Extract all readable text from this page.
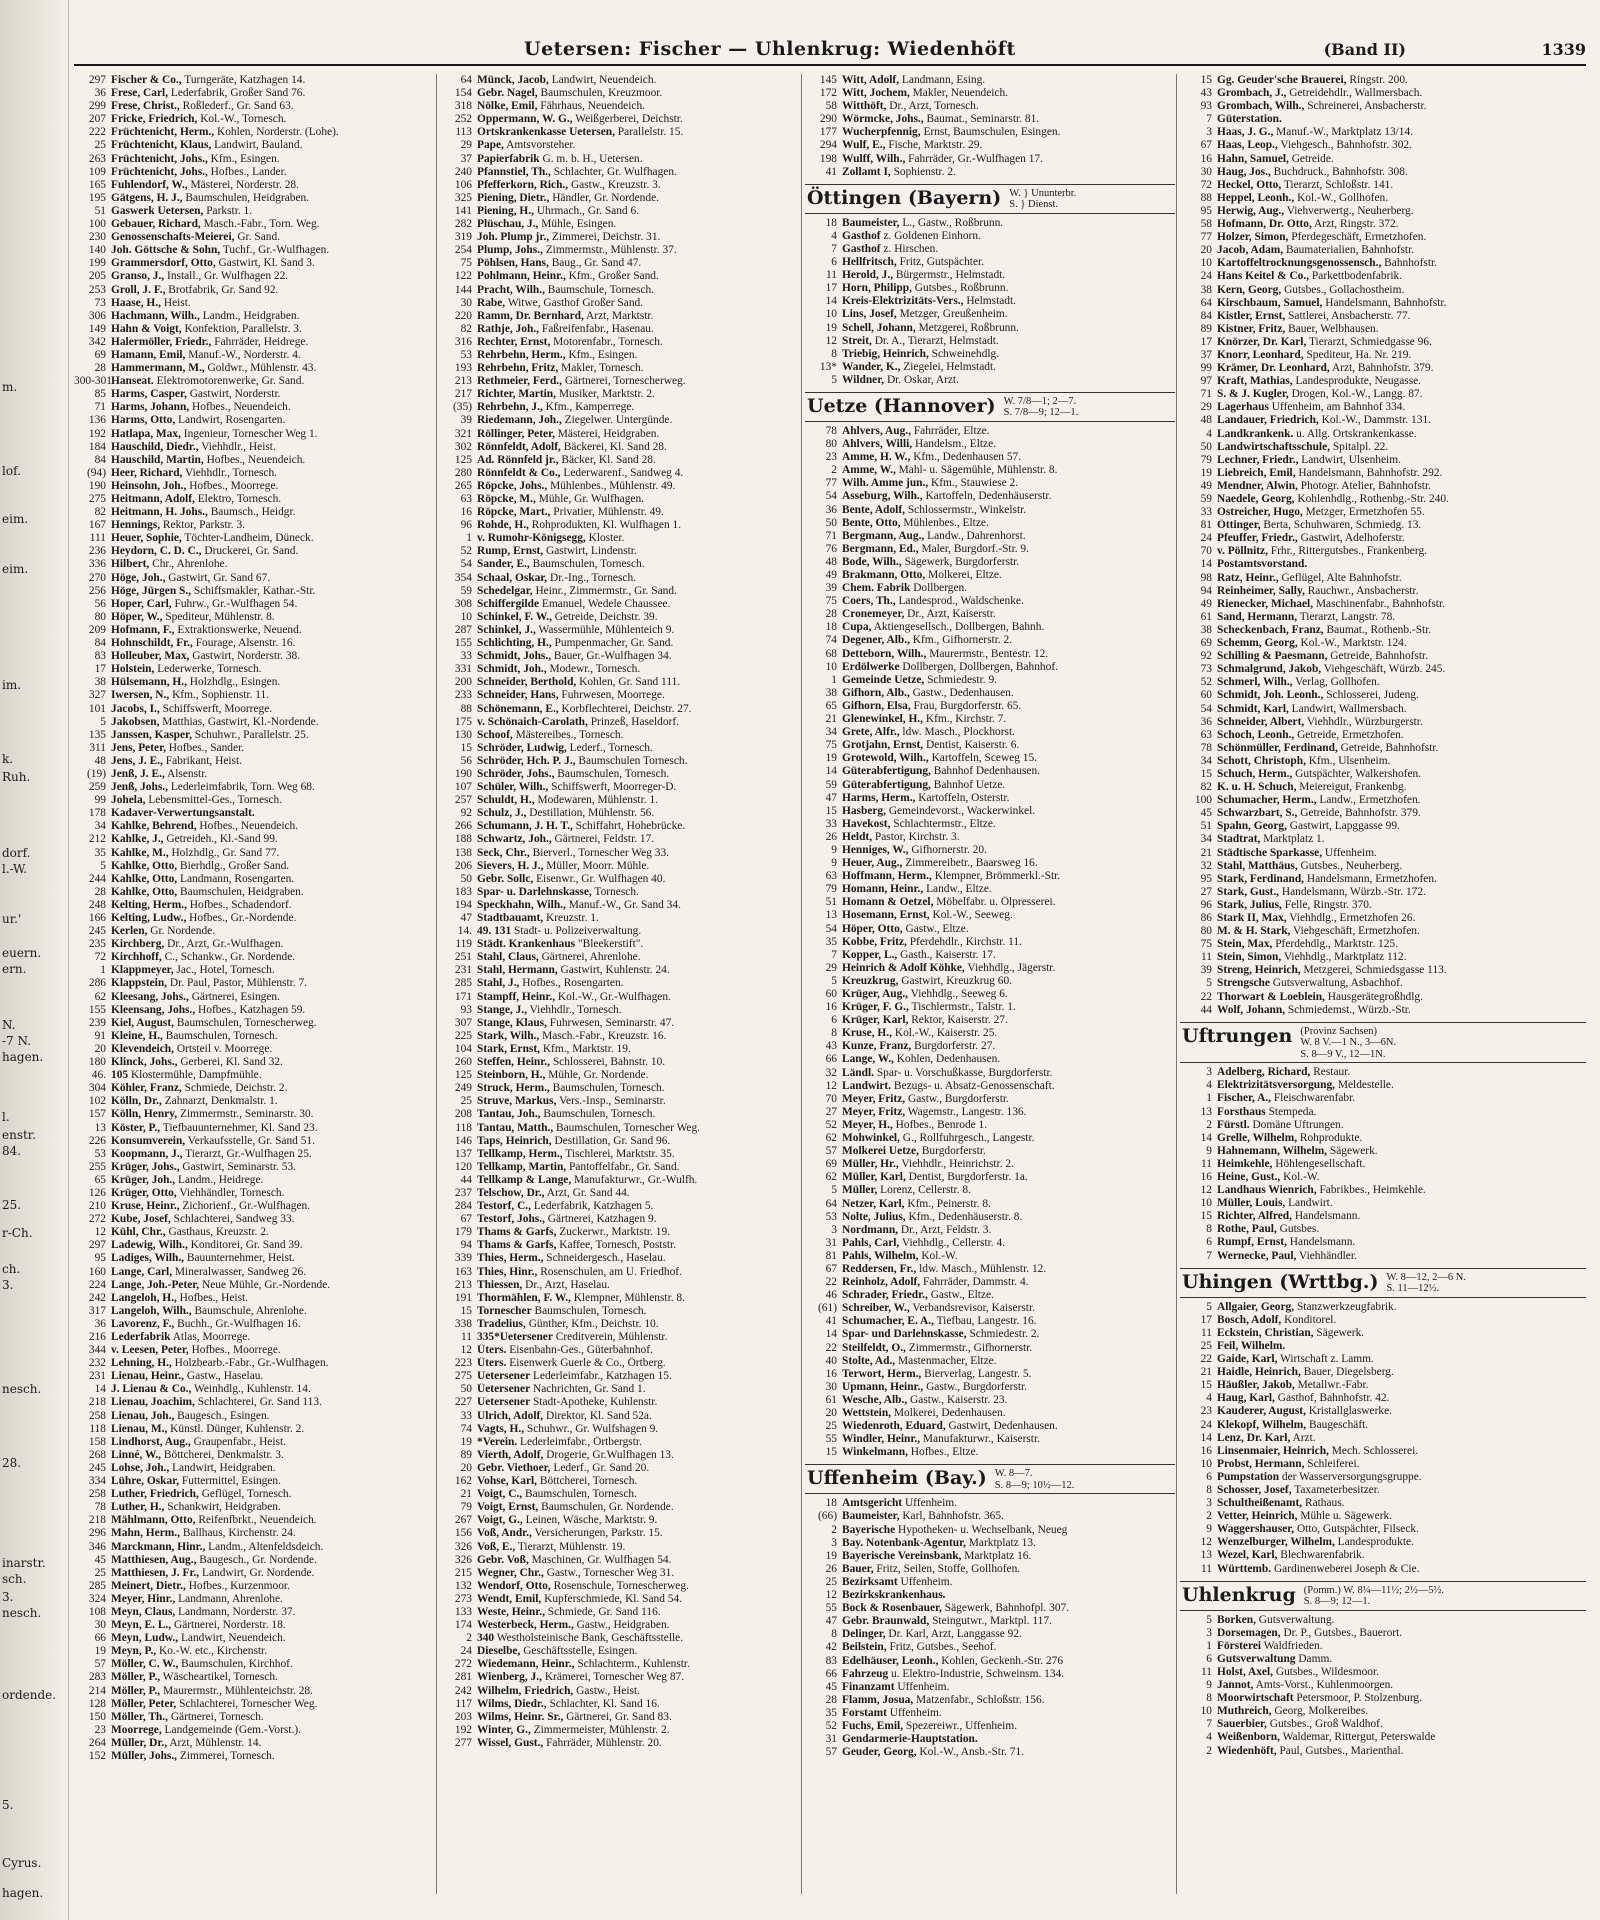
m.
lof.
eim.
eim.
im.
k.
Ruh.
dorf.
l.-W.
ur.'
euern.
ern.
N.
-7 N.
hagen.
l.
enstr.
84.
25.
r-Ch.
ch.
3.
nesch.
28.
inarstr.
sch.
3.
nesch.
ordende.
5.
Cyrus.
hagen.
Uetersen: Fischer — Uhlenkrug: Wiedenhöft	(Band II)	1339
297 Fischer & Co., Turngeräte, Katzhagen 14.
36 Frese, Carl, Lederfabrik, Großer Sand 76.
299 Frese, Christ., Roßlederf., Gr. Sand 63.
207 Fricke, Friedrich, Kol.-W., Tornesch.
222 Früchtenicht, Herm., Kohlen, Norderstr. (Lohe).
25 Früchtenicht, Klaus, Landwirt, Bauland.
263 Früchtenicht, Johs., Kfm., Esingen.
109 Früchtenicht, Johs., Hofbes., Lander.
165 Fuhlendorf, W., Mästerei, Norderstr. 28.
195 Gätgens, H. J., Baumschulen, Heidgraben.
51 Gaswerk Uetersen, Parkstr. 1.
100 Gebauer, Richard, Masch.-Fabr., Torn. Weg.
230 Genossenschafts-Meierei, Gr. Sand.
140 Joh. Göttsche & Sohn, Tuchf., Gr.-Wulfhagen.
199 Grammersdorf, Otto, Gastwirt, Kl. Sand 3.
205 Granso, J., Install., Gr. Wulfhagen 22.
253 Groll, J. F., Brotfabrik, Gr. Sand 92.
73 Haase, H., Heist.
306 Hachmann, Wilh., Landm., Heidgraben.
149 Hahn & Voigt, Konfektion, Parallelstr. 3.
342 Halermöller, Friedr., Fahrräder, Heidrege.
69 Hamann, Emil, Manuf.-W., Norderstr. 4.
28 Hammermann, M., Goldwr., Mühlenstr. 43.
300-301 Hanseat. Elektromotorenwerke, Gr. Sand.
85 Harms, Casper, Gastwirt, Norderstr.
71 Harms, Johann, Hofbes., Neuendeich.
136 Harms, Otto, Landwirt, Rosengarten.
192 Hatlapa, Max, Ingenieur, Tornescher Weg 1.
184 Hauschild, Diedr., Viehhdlr., Heist.
84 Hauschild, Martin, Hofbes., Neuendeich.
(94) Heer, Richard, Viehhdlr., Tornesch.
190 Heinsohn, Joh., Hofbes., Moorrege.
275 Heitmann, Adolf, Elektro, Tornesch.
82 Heitmann, H. Johs., Baumsch., Heidgr.
167 Hennings, Rektor, Parkstr. 3.
111 Heuer, Sophie, Töchter-Landheim, Düneck.
236 Heydorn, C. D. C., Druckerei, Gr. Sand.
336 Hilbert, Chr., Ahrenlohe.
270 Höge, Joh., Gastwirt, Gr. Sand 67.
256 Höge, Jürgen S., Schiffsmakler, Kathar.-Str.
56 Hoper, Carl, Fuhrw., Gr.-Wulfhagen 54.
80 Höper, W., Spediteur, Mühlenstr. 8.
209 Hofmann, F., Extraktionswerke, Neuend.
84 Hohnschildt, Fr., Fourage, Alsenstr. 16.
83 Holleuber, Max, Gastwirt, Norderstr. 38.
17 Holstein, Lederwerke, Tornesch.
38 Hülsemann, H., Holzhdlg., Esingen.
327 Iwersen, N., Kfm., Sophienstr. 11.
101 Jacobs, I., Schiffswerft, Moorrege.
5 Jakobsen, Matthias, Gastwirt, Kl.-Nordende.
135 Janssen, Kasper, Schuhwr., Parallelstr. 25.
311 Jens, Peter, Hofbes., Sander.
48 Jens, J. E., Fabrikant, Heist.
(19) Jenß, J. E., Alsenstr.
259 Jenß, Johs., Lederleimfabrik, Torn. Weg 68.
99 Johela, Lebensmittel-Ges., Tornesch.
178 Kadaver-Verwertungsanstalt.
34 Kahlke, Behrend, Hofbes., Neuendeich.
212 Kahlke, J., Getreideh., Kl.-Sand 99.
35 Kahlke, M., Holzhdlg., Gr. Sand 77.
5 Kahlke, Otto, Bierhdlg., Großer Sand.
244 Kahlke, Otto, Landmann, Rosengarten.
28 Kahlke, Otto, Baumschulen, Heidgraben.
248 Kelting, Herm., Hofbes., Schadendorf.
166 Kelting, Ludw., Hofbes., Gr.-Nordende.
245 Kerlen, Gr. Nordende.
235 Kirchberg, Dr., Arzt, Gr.-Wulfhagen.
72 Kirchhoff, C., Schankw., Gr. Nordende.
1 Klappmeyer, Jac., Hotel, Tornesch.
286 Klappstein, Dr. Paul, Pastor, Mühlenstr. 7.
62 Kleesang, Johs., Gärtnerei, Esingen.
155 Kleensang, Johs., Hofbes., Katzhagen 59.
239 Kiel, August, Baumschulen, Tornescherweg.
91 Kleine, H., Baumschulen, Tornesch.
20 Klevendeich, Ortsteil v. Moorrege.
180 Klinck, Johs., Gerberei, Kl. Sand 32.
46. 105 Klostermühle, Dampfmühle.
304 Köhler, Franz, Schmiede, Deichstr. 2.
102 Kölln, Dr., Zahnarzt, Denkmalstr. 1.
157 Kölln, Henry, Zimmermstr., Seminarstr. 30.
13 Köster, P., Tiefbauunternehmer, Kl. Sand 23.
226 Konsumverein, Verkaufsstelle, Gr. Sand 51.
53 Koopmann, J., Tierarzt, Gr.-Wulfhagen 25.
255 Krüger, Johs., Gastwirt, Seminarstr. 53.
65 Krüger, Joh., Landm., Heidrege.
126 Krüger, Otto, Viehhändler, Tornesch.
210 Kruse, Heinr., Zichorienf., Gr.-Wulfhagen.
272 Kube, Josef, Schlachterei, Sandweg 33.
12 Kühl, Chr., Gasthaus, Kreuzstr. 2.
297 Ladewig, Wilh., Konditorei, Gr. Sand 39.
95 Ladiges, Wilh., Bauunternehmer, Heist.
160 Lange, Carl, Mineralwasser, Sandweg 26.
224 Lange, Joh.-Peter, Neue Mühle, Gr.-Nordende.
242 Langeloh, H., Hofbes., Heist.
317 Langeloh, Wilh., Baumschule, Ahrenlohe.
36 Lavorenz, F., Buchh., Gr.-Wulfhagen 16.
216 Lederfabrik Atlas, Moorrege.
344 v. Leesen, Peter, Hofbes., Moorrege.
232 Lehning, H., Holzbearb.-Fabr., Gr.-Wulfhagen.
231 Lienau, Heinr., Gastw., Haselau.
14 J. Lienau & Co., Weinhdlg., Kuhlenstr. 14.
218 Lienau, Joachim, Schlachterei, Gr. Sand 113.
258 Lienau, Joh., Baugesch., Esingen.
118 Lienau, M., Künstl. Dünger, Kuhlenstr. 2.
158 Lindhorst, Aug., Graupenfabr., Heist.
268 Linné, W., Böttcherei, Denkmalstr. 3.
245 Lohse, Joh., Landwirt, Heidgraben.
334 Lühre, Oskar, Futtermittel, Esingen.
258 Luther, Friedrich, Geflügel, Tornesch.
78 Luther, H., Schankwirt, Heidgraben.
218 Mählmann, Otto, Reifenfbrkt., Neuendeich.
296 Mahn, Herm., Ballhaus, Kirchenstr. 24.
346 Marckmann, Hinr., Landm., Altenfeldsdeich.
45 Matthiesen, Aug., Baugesch., Gr. Nordende.
25 Matthiesen, J. Fr., Landwirt, Gr. Nordende.
285 Meinert, Dietr., Hofbes., Kurzenmoor.
324 Meyer, Hinr., Landmann, Ahrenlohe.
108 Meyn, Claus, Landmann, Norderstr. 37.
30 Meyn, E. L., Gärtnerei, Norderstr. 18.
66 Meyn, Ludw., Landwirt, Neuendeich.
19 Meyn, P., Ko.-W. etc., Kirchenstr.
57 Möller, C. W., Baumschulen, Kirchhof.
283 Möller, P., Wäscheartikel, Tornesch.
214 Möller, P., Maurermstr., Mühlenteichstr. 28.
128 Möller, Peter, Schlachterei, Tornescher Weg.
150 Möller, Th., Gärtnerei, Tornesch.
23 Moorrege, Landgemeinde (Gem.-Vorst.).
264 Müller, Dr., Arzt, Mühlenstr. 14.
152 Müller, Johs., Zimmerei, Tornesch.
64 Münck, Jacob, Landwirt, Neuendeich.
154 Gebr. Nagel, Baumschulen, Kreuzmoor.
318 Nölke, Emil, Fährhaus, Neuendeich.
252 Oppermann, W. G., Weißgerberei, Deichstr.
113 Ortskrankenkasse Uetersen, Parallelstr. 15.
29 Pape, Amtsvorsteher.
37 Papierfabrik G. m. b. H., Uetersen.
240 Pfannstiel, Th., Schlachter, Gr. Wulfhagen.
106 Pfefferkorn, Rich., Gastw., Kreuzstr. 3.
325 Piening, Dietr., Händler, Gr. Nordende.
141 Piening, H., Uhrmach., Gr. Sand 6.
282 Plüschau, J., Mühle, Esingen.
319 Joh. Plump jr., Zimmerei, Deichstr. 31.
254 Plump, Johs., Zimmermstr., Mühlenstr. 37.
75 Pöhlsen, Hans, Baug., Gr. Sand 47.
122 Pohlmann, Heinr., Kfm., Großer Sand.
144 Pracht, Wilh., Baumschule, Tornesch.
30 Rabe, Witwe, Gasthof Großer Sand.
220 Ramm, Dr. Bernhard, Arzt, Marktstr.
82 Rathje, Joh., Faßreifenfabr., Hasenau.
316 Rechter, Ernst, Motorenfabr., Tornesch.
53 Rehrbehn, Herm., Kfm., Esingen.
193 Rehrbehn, Fritz, Makler, Tornesch.
213 Rethmeier, Ferd., Gärtnerei, Tornescherweg.
217 Richter, Martin, Musiker, Marktstr. 2.
(35) Rehrbehn, J., Kfm., Kamperrege.
39 Riedemann, Joh., Ziegelwer. Untergünde.
321 Röllinger, Peter, Mästerei, Heidgraben.
302 Rönnfeldt, Adolf, Bäckerei, Kl. Sand 28.
125 Ad. Rönnfeld jr., Bäcker, Kl. Sand 28.
280 Rönnfeldt & Co., Lederwarenf., Sandweg 4.
265 Röpcke, Johs., Mühlenbes., Mühlenstr. 49.
63 Röpcke, M., Mühle, Gr. Wulfhagen.
16 Röpcke, Mart., Privatier, Mühlenstr. 49.
96 Rohde, H., Rohprodukten, Kl. Wulfhagen 1.
1 v. Rumohr-Königsegg, Kloster.
52 Rump, Ernst, Gastwirt, Lindenstr.
54 Sander, E., Baumschulen, Tornesch.
354 Schaal, Oskar, Dr.-Ing., Tornesch.
59 Schedelgar, Heinr., Zimmermstr., Gr. Sand.
308 Schiffergilde Emanuel, Wedele Chaussee.
10 Schinkel, F. W., Getreide, Deichstr. 39.
287 Schinkel, J., Wassermühle, Mühlenteich 9.
155 Schlichting, H., Pumpenmacher, Gr. Sand.
33 Schmidt, Johs., Bauer, Gr.-Wulfhagen 34.
331 Schmidt, Joh., Modewr., Tornesch.
200 Schneider, Berthold, Kohlen, Gr. Sand 111.
233 Schneider, Hans, Fuhrwesen, Moorrege.
88 Schönemann, E., Korbflechterei, Deichstr. 27.
175 v. Schönaich-Carolath, Prinzeß, Haseldorf.
130 Schoof, Mästereibes., Tornesch.
15 Schröder, Ludwig, Lederf., Tornesch.
56 Schröder, Hch. P. J., Baumschulen Tornesch.
190 Schröder, Johs., Baumschulen, Tornesch.
107 Schüler, Wilh., Schiffswerft, Moorreger-D.
257 Schuldt, H., Modewaren, Mühlenstr. 1.
92 Schulz, J., Destillation, Mühlenstr. 56.
266 Schumann, J. H. T., Schiffahrt, Hohebrücke.
188 Schwartz, Joh., Gärtnerei, Feldstr. 17.
138 Seck, Chr., Bierverl., Tornescher Weg 33.
206 Sievers, H. J., Müller, Moorr. Mühle.
50 Gebr. Sollc, Eisenwr., Gr. Wulfhagen 40.
183 Spar- u. Darlehnskasse, Tornesch.
194 Speckhahn, Wilh., Manuf.-W., Gr. Sand 34.
47 Stadtbauamt, Kreuzstr. 1.
14. 49. 131 Stadt- u. Polizeiverwaltung.
119 Städt. Krankenhaus "Bleekerstift".
251 Stahl, Claus, Gärtnerei, Ahrenlohe.
231 Stahl, Hermann, Gastwirt, Kuhlenstr. 24.
285 Stahl, J., Hofbes., Rosengarten.
171 Stampff, Heinr., Kol.-W., Gr.-Wulfhagen.
93 Stange, J., Viehhdlr., Tornesch.
307 Stange, Klaus, Fuhrwesen, Seminarstr. 47.
225 Stark, Wilh., Masch.-Fabr., Kreuzstr. 16.
104 Stark, Ernst, Kfm., Marktstr. 19.
260 Steffen, Heinr., Schlosserei, Bahnstr. 10.
125 Steinborn, H., Mühle, Gr. Nordende.
249 Struck, Herm., Baumschulen, Tornesch.
25 Struve, Markus, Vers.-Insp., Seminarstr.
208 Tantau, Joh., Baumschulen, Tornesch.
118 Tantau, Matth., Baumschulen, Tornescher Weg.
146 Taps, Heinrich, Destillation, Gr. Sand 96.
137 Tellkamp, Herm., Tischlerei, Marktstr. 35.
120 Tellkamp, Martin, Pantoffelfabr., Gr. Sand.
44 Tellkamp & Lange, Manufakturwr., Gr.-Wulfh.
237 Telschow, Dr., Arzt, Gr. Sand 44.
284 Testorf, C., Lederfabrik, Katzhagen 5.
67 Testorf, Johs., Gärtnerei, Katzhagen 9.
179 Thams & Garfs, Zuckerwr., Marktstr. 19.
94 Thams & Garfs, Kaffee, Tornesch, Poststr.
339 Thies, Herm., Schneidergesch., Haselau.
163 Thies, Hinr., Rosenschulen, am U. Friedhof.
213 Thiessen, Dr., Arzt, Haselau.
191 Thormählen, F. W., Klempner, Mühlenstr. 8.
15 Tornescher Baumschulen, Tornesch.
338 Tradelius, Günther, Kfm., Deichstr. 10.
11 335*Uetersener Creditverein, Mühlenstr.
12 Üters. Eisenbahn-Ges., Güterbahnhof.
223 Üters. Eisenwerk Guerle & Co., Örtberg.
275 Uetersener Lederleimfabr., Katzhagen 15.
50 Üetersener Nachrichten, Gr. Sand 1.
227 Uetersener Stadt-Apotheke, Kuhlenstr.
33 Ulrich, Adolf, Direktor, Kl. Sand 52a.
74 Vagts, H., Schuhwr., Gr. Wulfshagen 9.
19 *Verein. Lederleimfabr., Örtbergstr.
89 Vierth, Adolf, Drogerie, Gr.Wulfhagen 13.
20 Gebr. Viethoer, Lederf., Gr. Sand 20.
162 Vohse, Karl, Böttcherei, Tornesch.
21 Voigt, C., Baumschulen, Tornesch.
79 Voigt, Ernst, Baumschulen, Gr. Nordende.
267 Voigt, G., Leinen, Wäsche, Marktstr. 9.
156 Voß, Andr., Versicherungen, Parkstr. 15.
326 Voß, E., Tierarzt, Mühlenstr. 19.
326 Gebr. Voß, Maschinen, Gr. Wulfhagen 54.
215 Wegner, Chr., Gastw., Tornescher Weg 31.
132 Wendorf, Otto, Rosenschule, Tornescherweg.
273 Wendt, Emil, Kupferschmiede, Kl. Sand 54.
133 Weste, Heinr., Schmiede, Gr. Sand 116.
174 Westerbeck, Herm., Gastw., Heidgraben.
2 340 Westholsteinische Bank, Geschäftsstelle.
24 Dieselbe, Geschäftsstelle, Esingen.
272 Wiedemann, Heinr., Schlachterm., Kuhlenstr.
281 Wienberg, J., Krämerei, Tornescher Weg 87.
242 Wilhelm, Friedrich, Gastw., Heist.
117 Wilms, Diedr., Schlachter, Kl. Sand 16.
203 Wilms, Heinr. Sr., Gärtnerei, Gr. Sand 83.
192 Winter, G., Zimmermeister, Mühlenstr. 2.
277 Wissel, Gust., Fahrräder, Mühlenstr. 20.
145 Witt, Adolf, Landmann, Esing.
172 Witt, Jochem, Makler, Neuendeich.
58 Witthöft, Dr., Arzt, Tornesch.
290 Wörmcke, Johs., Baumat., Seminarstr. 81.
177 Wucherpfennig, Ernst, Baumschulen, Esingen.
294 Wulf, E., Fische, Marktstr. 29.
198 Wulff, Wilh., Fahrräder, Gr.-Wulfhagen 17.
41 Zollamt I, Sophienstr. 2.
Öttingen (Bayern) W. } Ununterbr.
S. } Dienst.
18 Baumeister, L., Gastw., Roßbrunn.
4 Gasthof z. Goldenen Einhorn.
7 Gasthof z. Hirschen.
6 Hellfritsch, Fritz, Gutspächter.
11 Herold, J., Bürgermstr., Helmstadt.
17 Horn, Philipp, Gutsbes., Roßbrunn.
14 Kreis-Elektrizitäts-Vers., Helmstadt.
10 Lins, Josef, Metzger, Greußenheim.
19 Schell, Johann, Metzgerei, Roßbrunn.
12 Streit, Dr. A., Tierarzt, Helmstadt.
8 Triebig, Heinrich, Schweinehdlg.
13* Wander, K., Ziegelei, Helmstadt.
5 Wildner, Dr. Oskar, Arzt.
Uetze (Hannover) W. 7/8—1; 2—7.
S. 7/8—9; 12—1.
78 Ahlvers, Aug., Fahrräder, Eltze.
80 Ahlvers, Willi, Handelsm., Eltze.
23 Amme, H. W., Kfm., Dedenhausen 57.
2 Amme, W., Mahl- u. Sägemühle, Mühlenstr. 8.
77 Wilh. Amme jun., Kfm., Stauwiese 2.
54 Asseburg, Wilh., Kartoffeln, Dedenhäuserstr.
36 Bente, Adolf, Schlossermstr., Winkelstr.
50 Bente, Otto, Mühlenbes., Eltze.
71 Bergmann, Aug., Landw., Dahrenhorst.
76 Bergmann, Ed., Maler, Burgdorf.-Str. 9.
48 Bode, Wilh., Sägewerk, Burgdorferstr.
49 Brakmann, Otto, Molkerei, Eltze.
39 Chem. Fabrik Dollbergen.
75 Coers, Th., Landesprod., Waldschenke.
28 Cronemeyer, Dr., Arzt, Kaiserstr.
18 Cupa, Aktiengesellsch., Dollbergen, Bahnh.
74 Degener, Alb., Kfm., Gifhornerstr. 2.
68 Detteborn, Wilh., Maurermstr., Bentestr. 12.
10 Erdölwerke Dollbergen, Dollbergen, Bahnhof.
1 Gemeinde Uetze, Schmiedestr. 9.
38 Gifhorn, Alb., Gastw., Dedenhausen.
65 Gifhorn, Elsa, Frau, Burgdorferstr. 65.
21 Glenewinkel, H., Kfm., Kirchstr. 7.
34 Grete, Alfr., ldw. Masch., Plockhorst.
75 Grotjahn, Ernst, Dentist, Kaiserstr. 6.
19 Grotewold, Wilh., Kartoffeln, Sceweg 15.
14 Güterabfertigung, Bahnhof Dedenhausen.
59 Güterabfertigung, Bahnhof Uetze.
47 Harms, Herm., Kartoffeln, Osterstr.
15 Hasberg, Gemeindevorst., Wackerwinkel.
33 Havekost, Schlachtermstr., Eltze.
26 Heldt, Pastor, Kirchstr. 3.
9 Henniges, W., Gifhornerstr. 20.
9 Heuer, Aug., Zimmereibetr., Baarsweg 16.
63 Hoffmann, Herm., Klempner, Brömmerkl.-Str.
79 Homann, Heinr., Landw., Eltze.
51 Homann & Oetzel, Möbelfabr. u. Ölpresserei.
13 Hosemann, Ernst, Kol.-W., Seeweg.
54 Höper, Otto, Gastw., Eltze.
35 Kobbe, Fritz, Pferdehdlr., Kirchstr. 11.
7 Kopper, L., Gasth., Kaiserstr. 17.
29 Heinrich & Adolf Köhke, Viehhdlg., Jägerstr.
5 Kreuzkrug, Gastwirt, Kreuzkrug 60.
60 Krüger, Aug., Viehhdlg., Seeweg 6.
16 Krüger, F. G., Tischlermstr., Talstr. 1.
6 Krüger, Karl, Rektor, Kaiserstr. 27.
8 Kruse, H., Kol.-W., Kaiserstr. 25.
43 Kunze, Franz, Burgdorferstr. 27.
66 Lange, W., Kohlen, Dedenhausen.
32 Ländl. Spar- u. Vorschußkasse, Burgdorferstr.
12 Landwirt. Bezugs- u. Absatz-Genossenschaft.
70 Meyer, Fritz, Gastw., Burgdorferstr.
27 Meyer, Fritz, Wagemstr., Langestr. 136.
52 Meyer, H., Hofbes., Benrode 1.
62 Mohwinkel, G., Rollfuhrgesch., Langestr.
57 Molkerei Uetze, Burgdorferstr.
69 Müller, Hr., Viehhdlr., Heinrichstr. 2.
62 Müller, Karl, Dentist, Burgdorferstr. 1a.
5 Müller, Lorenz, Cellerstr. 8.
64 Netzer, Karl, Kfm., Peinerstr. 8.
53 Nolte, Julius, Kfm., Dedenhäuserstr. 8.
3 Nordmann, Dr., Arzt, Feldstr. 3.
31 Pahls, Carl, Viehhdlg., Cellerstr. 4.
81 Pahls, Wilhelm, Kol.-W.
67 Reddersen, Fr., ldw. Masch., Mühlenstr. 12.
22 Reinholz, Adolf, Fahrräder, Dammstr. 4.
46 Schrader, Friedr., Gastw., Eltze.
(61) Schreiber, W., Verbandsrevisor, Kaiserstr.
41 Schumacher, E. A., Tiefbau, Langestr. 16.
14 Spar- und Darlehnskasse, Schmiedestr. 2.
22 Steilfeldt, O., Zimmermstr., Gifhornerstr.
40 Stolte, Ad., Mastenmacher, Eltze.
16 Terwort, Herm., Bierverlag, Langestr. 5.
30 Upmann, Heinr., Gastw., Burgdorferstr.
61 Wesche, Alb., Gastw., Kaiserstr. 23.
20 Wettstein, Molkerei, Dedenhausen.
25 Wiedenroth, Eduard, Gastwirt, Dedenhausen.
55 Windler, Heinr., Manufakturwr., Kaiserstr.
15 Winkelmann, Hofbes., Eltze.
Uffenheim (Bay.) W. 8—7.
S. 8—9; 10½—12.
18 Amtsgericht Uffenheim.
(66) Baumeister, Karl, Bahnhofstr. 365.
2 Bayerische Hypotheken- u. Wechselbank, Neueg
3 Bay. Notenbank-Agentur, Marktplatz 13.
19 Bayerische Vereinsbank, Marktplatz 16.
26 Bauer, Fritz, Seilen, Stoffe, Gollhofen.
25 Bezirksamt Uffenheim.
12 Bezirkskrankenhaus.
55 Bock & Rosenbauer, Sägewerk, Bahnhofpl. 307.
47 Gebr. Braunwald, Steingutwr., Marktpl. 117.
8 Delinger, Dr. Karl, Arzt, Langgasse 92.
42 Beilstein, Fritz, Gutsbes., Seehof.
83 Edelhäuser, Leonh., Kohlen, Geckenh.-Str. 276
66 Fahrzeug u. Elektro-Industrie, Schweinsm. 134.
45 Finanzamt Uffenheim.
28 Flamm, Josua, Matzenfabr., Schloßstr. 156.
35 Forstamt Uffenheim.
52 Fuchs, Emil, Spezereiwr., Uffenheim.
31 Gendarmerie-Hauptstation.
57 Geuder, Georg, Kol.-W., Ansb.-Str. 71.
15 Gg. Geuder'sche Brauerei, Ringstr. 200.
43 Grombach, J., Getreidehdlr., Wallmersbach.
93 Grombach, Wilh., Schreinerei, Ansbacherstr.
7 Güterstation.
3 Haas, J. G., Manuf.-W., Marktplatz 13/14.
67 Haas, Leop., Viehgesch., Bahnhofstr. 302.
16 Hahn, Samuel, Getreide.
30 Haug, Jos., Buchdruck., Bahnhofstr. 308.
72 Heckel, Otto, Tierarzt, Schloßstr. 141.
88 Heppel, Leonh., Kol.-W., Gollhofen.
95 Herwig, Aug., Viehverwertg., Neuherberg.
58 Hofmann, Dr. Otto, Arzt, Ringstr. 372.
77 Holzer, Simon, Pferdegeschäft, Ermetzhofen.
20 Jacob, Adam, Baumaterialien, Bahnhofstr.
10 Kartoffeltrocknungsgenossensch., Bahnhofstr.
24 Hans Keitel & Co., Parkettbodenfabrik.
38 Kern, Georg, Gutsbes., Gollachostheim.
64 Kirschbaum, Samuel, Handelsmann, Bahnhofstr.
84 Kistler, Ernst, Sattlerei, Ansbacherstr. 77.
89 Kistner, Fritz, Bauer, Welbhausen.
17 Knörzer, Dr. Karl, Tierarzt, Schmiedgasse 96.
37 Knorr, Leonhard, Spediteur, Ha. Nr. 219.
99 Krämer, Dr. Leonhard, Arzt, Bahnhofstr. 379.
97 Kraft, Mathias, Landesprodukte, Neugasse.
71 S. & J. Kugler, Drogen, Kol.-W., Langg. 87.
29 Lagerhaus Uffenheim, am Bahnhof 334.
48 Landauer, Friedrich, Kol.-W., Dammstr. 131.
4 Landkrankenk. u. Allg. Ortskrankenkasse.
50 Landwirtschaftsschule, Spitalpl. 22.
79 Lechner, Friedr., Landwirt, Ulsenheim.
19 Liebreich, Emil, Handelsmann, Bahnhofstr. 292.
49 Mendner, Alwin, Photogr. Atelier, Bahnhofstr.
59 Naedele, Georg, Kohlenhdlg., Rothenbg.-Str. 240.
33 Ostreicher, Hugo, Metzger, Ermetzhofen 55.
81 Öttinger, Berta, Schuhwaren, Schmiedg. 13.
24 Pfeuffer, Friedr., Gastwirt, Adelhoferstr.
70 v. Pöllnitz, Frhr., Rittergutsbes., Frankenberg.
14 Postamtsvorstand.
98 Ratz, Heinr., Geflügel, Alte Bahnhofstr.
94 Reinheimer, Sally, Rauchwr., Ansbacherstr.
49 Rienecker, Michael, Maschinenfabr., Bahnhofstr.
61 Sand, Hermann, Tierarzt, Langstr. 78.
38 Scheckenbach, Franz, Baumat., Rothenb.-Str.
69 Schemm, Georg, Kol.-W., Marktstr. 124.
92 Schilling & Paesmann, Getreide, Bahnhofstr.
73 Schmalgrund, Jakob, Viehgeschäft, Würzb. 245.
52 Schmerl, Wilh., Verlag, Gollhofen.
60 Schmidt, Joh. Leonh., Schlosserei, Judeng.
54 Schmidt, Karl, Landwirt, Wallmersbach.
36 Schneider, Albert, Viehhdlr., Würzburgerstr.
63 Schoch, Leonh., Getreide, Ermetzhofen.
78 Schönmüller, Ferdinand, Getreide, Bahnhofstr.
34 Schott, Christoph, Kfm., Ulsenheim.
15 Schuch, Herm., Gutspächter, Walkershofen.
82 K. u. H. Schuch, Meiereigut, Frankenbg.
100 Schumacher, Herm., Landw., Ermetzhofen.
45 Schwarzbart, S., Getreide, Bahnhofstr. 379.
51 Spahn, Georg, Gastwirt, Lapggasse 99.
34 Stadtrat, Marktplatz 1.
21 Städtische Sparkasse, Uffenheim.
32 Stahl, Matthäus, Gutsbes., Neuherberg.
95 Stark, Ferdinand, Handelsmann, Ermetzhofen.
27 Stark, Gust., Handelsmann, Würzb.-Str. 172.
96 Stark, Julius, Felle, Ringstr. 370.
86 Stark II, Max, Viehhdlg., Ermetzhofen 26.
80 M. & H. Stark, Viehgeschäft, Ermetzhofen.
75 Stein, Max, Pferdehdlg., Marktstr. 125.
11 Stein, Simon, Viehhdlg., Marktplatz 112.
39 Streng, Heinrich, Metzgerei, Schmiedsgasse 113.
5 Strengsche Gutsverwaltung, Asbachhof.
22 Thorwart & Loeblein, Hausgerätegroßhdlg.
44 Wolf, Johann, Schmiedemst., Würzb.-Str.
Uftrungen (Provinz Sachsen)
W. 8 V.—1 N., 3—6N.
S. 8—9 V., 12—1N.
3 Adelberg, Richard, Restaur.
4 Elektrizitätsversorgung, Meldestelle.
1 Fischer, A., Fleischwarenfabr.
13 Forsthaus Stempeda.
2 Fürstl. Domäne Uftrungen.
14 Grelle, Wilhelm, Rohprodukte.
9 Hahnemann, Wilhelm, Sägewerk.
11 Heimkehle, Höhlengesellschaft.
16 Heine, Gust., Kol.-W.
12 Landhaus Wienrich, Fabrikbes., Heimkehle.
10 Müller, Louis, Landwirt.
15 Richter, Alfred, Handelsmann.
8 Rothe, Paul, Gutsbes.
6 Rumpf, Ernst, Handelsmann.
7 Wernecke, Paul, Viehhändler.
Uhingen (Wrttbg.) W. 8—12, 2—6 N.
S. 11—12½.
5 Allgaier, Georg, Stanzwerkzeugfabrik.
17 Bosch, Adolf, Konditorel.
11 Eckstein, Christian, Sägewerk.
25 Feil, Wilhelm.
22 Gaide, Karl, Wirtschaft z. Lamm.
21 Haidle, Heinrich, Bauer, Diegelsberg.
15 Häußler, Jakob, Metallwr.-Fabr.
4 Haug, Karl, Gasthof, Bahnhofstr. 42.
23 Kauderer, August, Kristallglaswerke.
24 Klekopf, Wilhelm, Baugeschäft.
14 Lenz, Dr. Karl, Arzt.
16 Linsenmaier, Heinrich, Mech. Schlosserei.
10 Probst, Hermann, Schleiferei.
6 Pumpstation der Wasserversorgungsgruppe.
8 Schosser, Josef, Taxameterbesitzer.
3 Schultheißenamt, Rathaus.
2 Vetter, Heinrich, Mühle u. Sägewerk.
9 Waggershauser, Otto, Gutspächter, Filseck.
12 Wenzelburger, Wilhelm, Landesprodukte.
13 Wezel, Karl, Blechwarenfabrik.
11 Württemb. Gardinenweberei Joseph & Cie.
Uhlenkrug (Pomm.) W. 8¼—11½; 2½—5½.
S. 8—9; 12—1.
5 Borken, Gutsverwaltung.
3 Dorsemagen, Dr. P., Gutsbes., Bauerort.
1 Försterei Waldfrieden.
6 Gutsverwaltung Damm.
11 Holst, Axel, Gutsbes., Wildesmoor.
9 Jannot, Amts-Vorst., Kuhlenmoorgen.
8 Moorwirtschaft Petersmoor, P. Stolzenburg.
10 Muthreich, Georg, Molkereibes.
7 Sauerbier, Gutsbes., Groß Waldhof.
4 Weißenborn, Waldemar, Rittergut, Peterswalde
2 Wiedenhöft, Paul, Gutsbes., Marienthal.
